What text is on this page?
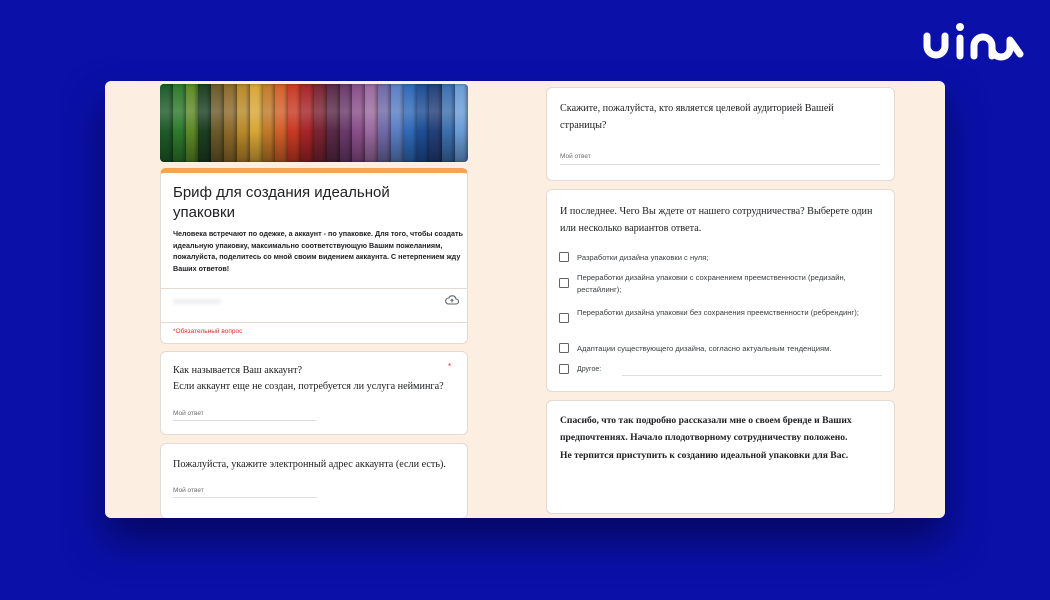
Бриф для создания идеальной упаковки
Человека встречают по одежке, а аккаунт - по упаковке. Для того, чтобы создать идеальную упаковку, максимально соответствующую Вашим пожеланиям, пожалуйста, поделитесь со мной своим видением аккаунта. С нетерпением жду Ваших ответов!
*Обязательный вопрос
Как называется Ваш аккаунт?
Если аккаунт еще не создан, потребуется ли услуга нейминга?
*
Мой ответ
Пожалуйста, укажите электронный адрес аккаунта (если есть).
Мой ответ
Скажите, пожалуйста, кто является целевой аудиторией Вашей страницы?
Мой ответ
И последнее. Чего Вы ждете от нашего сотрудничества? Выберете один или несколько вариантов ответа.
Разработки дизайна упаковки с нуля;
Переработки дизайна упаковки с сохранением преемственности (редизайн, рестайлинг);
Переработки дизайна упаковки без сохранения преемственности (ребрендинг);
Адаптации существующего дизайна, согласно актуальным тенденциям.
Другое:
Спасибо, что так подробно рассказали мне о своем бренде и Ваших предпочтениях. Начало плодотворному сотрудничеству положено.
Не терпится приступить к созданию идеальной упаковки для Вас.
